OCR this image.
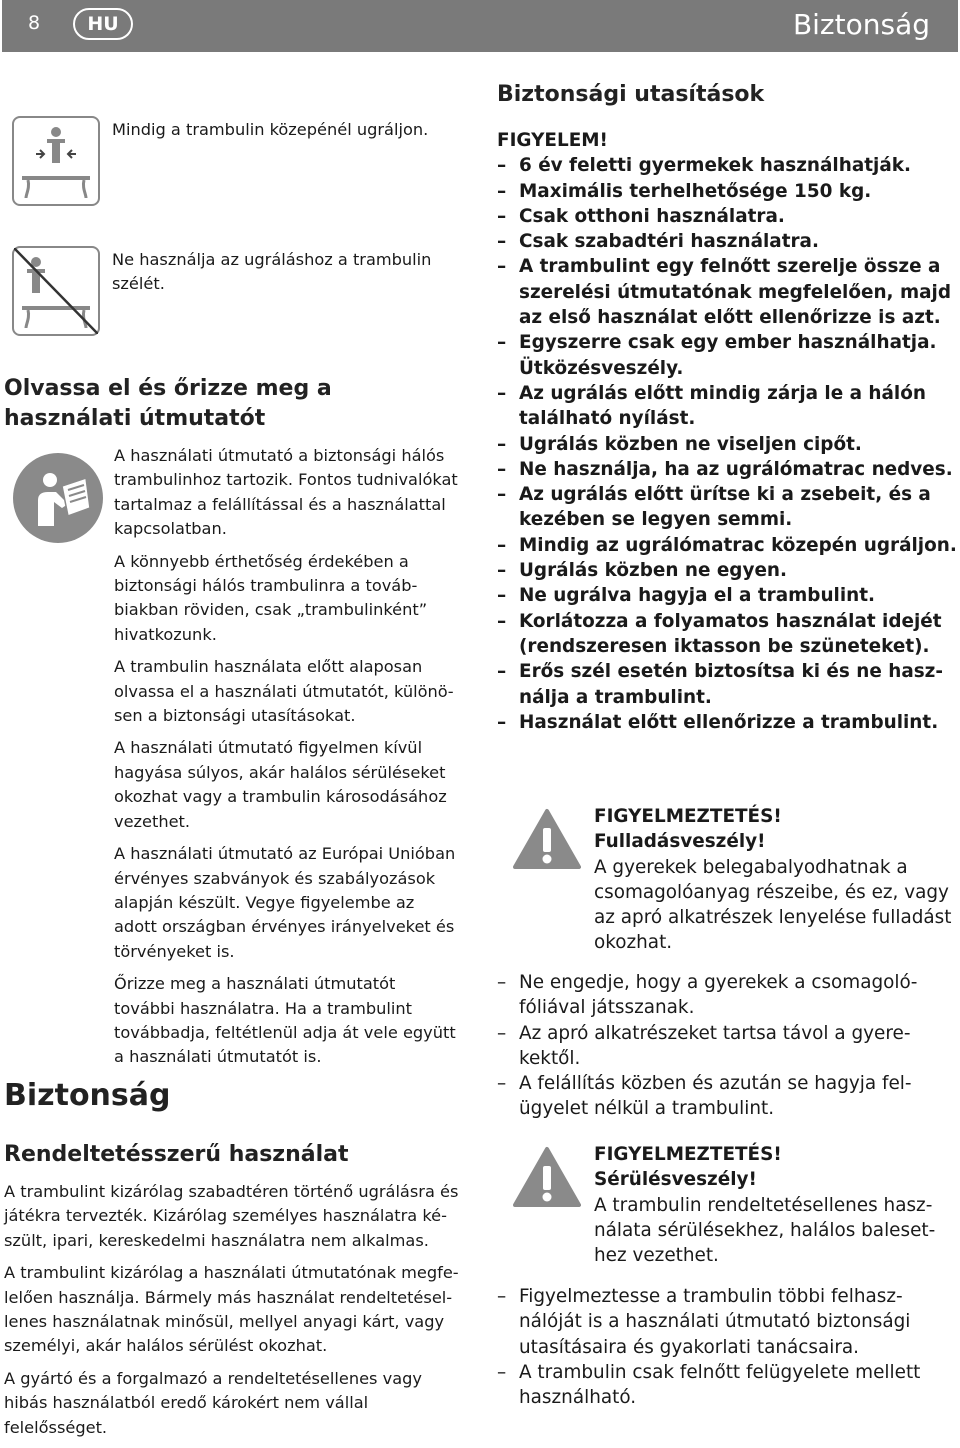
8	HU	Biztonság
Mindig a trambulin közepénél ugráljon.
Ne használja az ugráláshoz a trambulin szélét.
Olvassa el és őrizze meg a használati útmutatót

A használati útmutató a biztonsági hálós trambulinhoz tartozik. Fontos tudnivalókat tartalmaz a felállítással és a használattal kapcsolatban.

A könnyebb érthetőség érdekében a biztonsági hálós trambulinra a továbbiakban röviden, csak „trambulinként” hivatkozunk.

A trambulin használata előtt alaposan olvassa el a használati útmutatót, különösen a biztonsági utasításokat.

A használati útmutató figyelmen kívül hagyása súlyos, akár halálos sérüléseket okozhat vagy a trambulin károsodásához vezethet.

A használati útmutató az Európai Unióban érvényes szabványok és szabályozások alapján készült. Vegye figyelembe az adott országban érvényes irányelveket és törvényeket is.

Őrizze meg a használati útmutatót további használatra. Ha a trambulint továbbadja, feltétlenül adja át vele együtt a használati útmutatót is.

Biztonság
Rendeltetésszerű használat

A trambulint kizárólag szabadtéren történő ugrálásra és játékra tervezték. Kizárólag személyes használatra készült, ipari, kereskedelmi használatra nem alkalmas.

A trambulint kizárólag a használati útmutatónak megfelelően használja. Bármely más használat rendeltetésellenes használatnak minősül, mellyel anyagi kárt, vagy személyi, akár halálos sérülést okozhat.

A gyártó és a forgalmazó a rendeltetésellenes vagy hibás használatból eredő károkért nem vállal felelősséget.

Biztonsági utasítások
FIGYELEM!
– 6 év feletti gyermekek használhatják.
– Maximális terhelhetősége 150 kg.
– Csak otthoni használatra.
– Csak szabadtéri használatra.
– A trambulint egy felnőtt szerelje össze a szerelési útmutatónak megfelelően, majd az első használat előtt ellenőrizze is azt.
– Egyszerre csak egy ember használhatja. Ütközésveszély.
– Az ugrálás előtt mindig zárja le a hálón található nyílást.
– Ugrálás közben ne viseljen cipőt.
– Ne használja, ha az ugrálómatrac nedves.
– Az ugrálás előtt ürítse ki a zsebeit, és a kezében se legyen semmi.
– Mindig az ugrálómatrac közepén ugráljon.
– Ugrálás közben ne egyen.
– Ne ugrálva hagyja el a trambulint.
– Korlátozza a folyamatos használat idejét (rendszeresen iktasson be szüneteket).
– Erős szél esetén biztosítsa ki és ne használja a trambulint.
– Használat előtt ellenőrizze a trambulint.
FIGYELMEZTETÉS!
Fulladásveszély!
A gyerekek belegabalyodhatnak a csomagolóanyag részeibe, és ez, vagy az apró alkatrészek lenyelése fulladást okozhat.
– Ne engedje, hogy a gyerekek a csomagolófóliával játsszanak.
– Az apró alkatrészeket tartsa távol a gyerekektől.
– A felállítás közben és azután se hagyja felügyelet nélkül a trambulint.
FIGYELMEZTETÉS!
Sérülésveszély!
A trambulin rendeltetésellenes használata sérülésekhez, halálos balesethez vezethet.
– Figyelmeztesse a trambulin többi felhasználóját is a használati útmutató biztonsági utasításaira és gyakorlati tanácsaira.
– A trambulin csak felnőtt felügyelete mellett használható.
